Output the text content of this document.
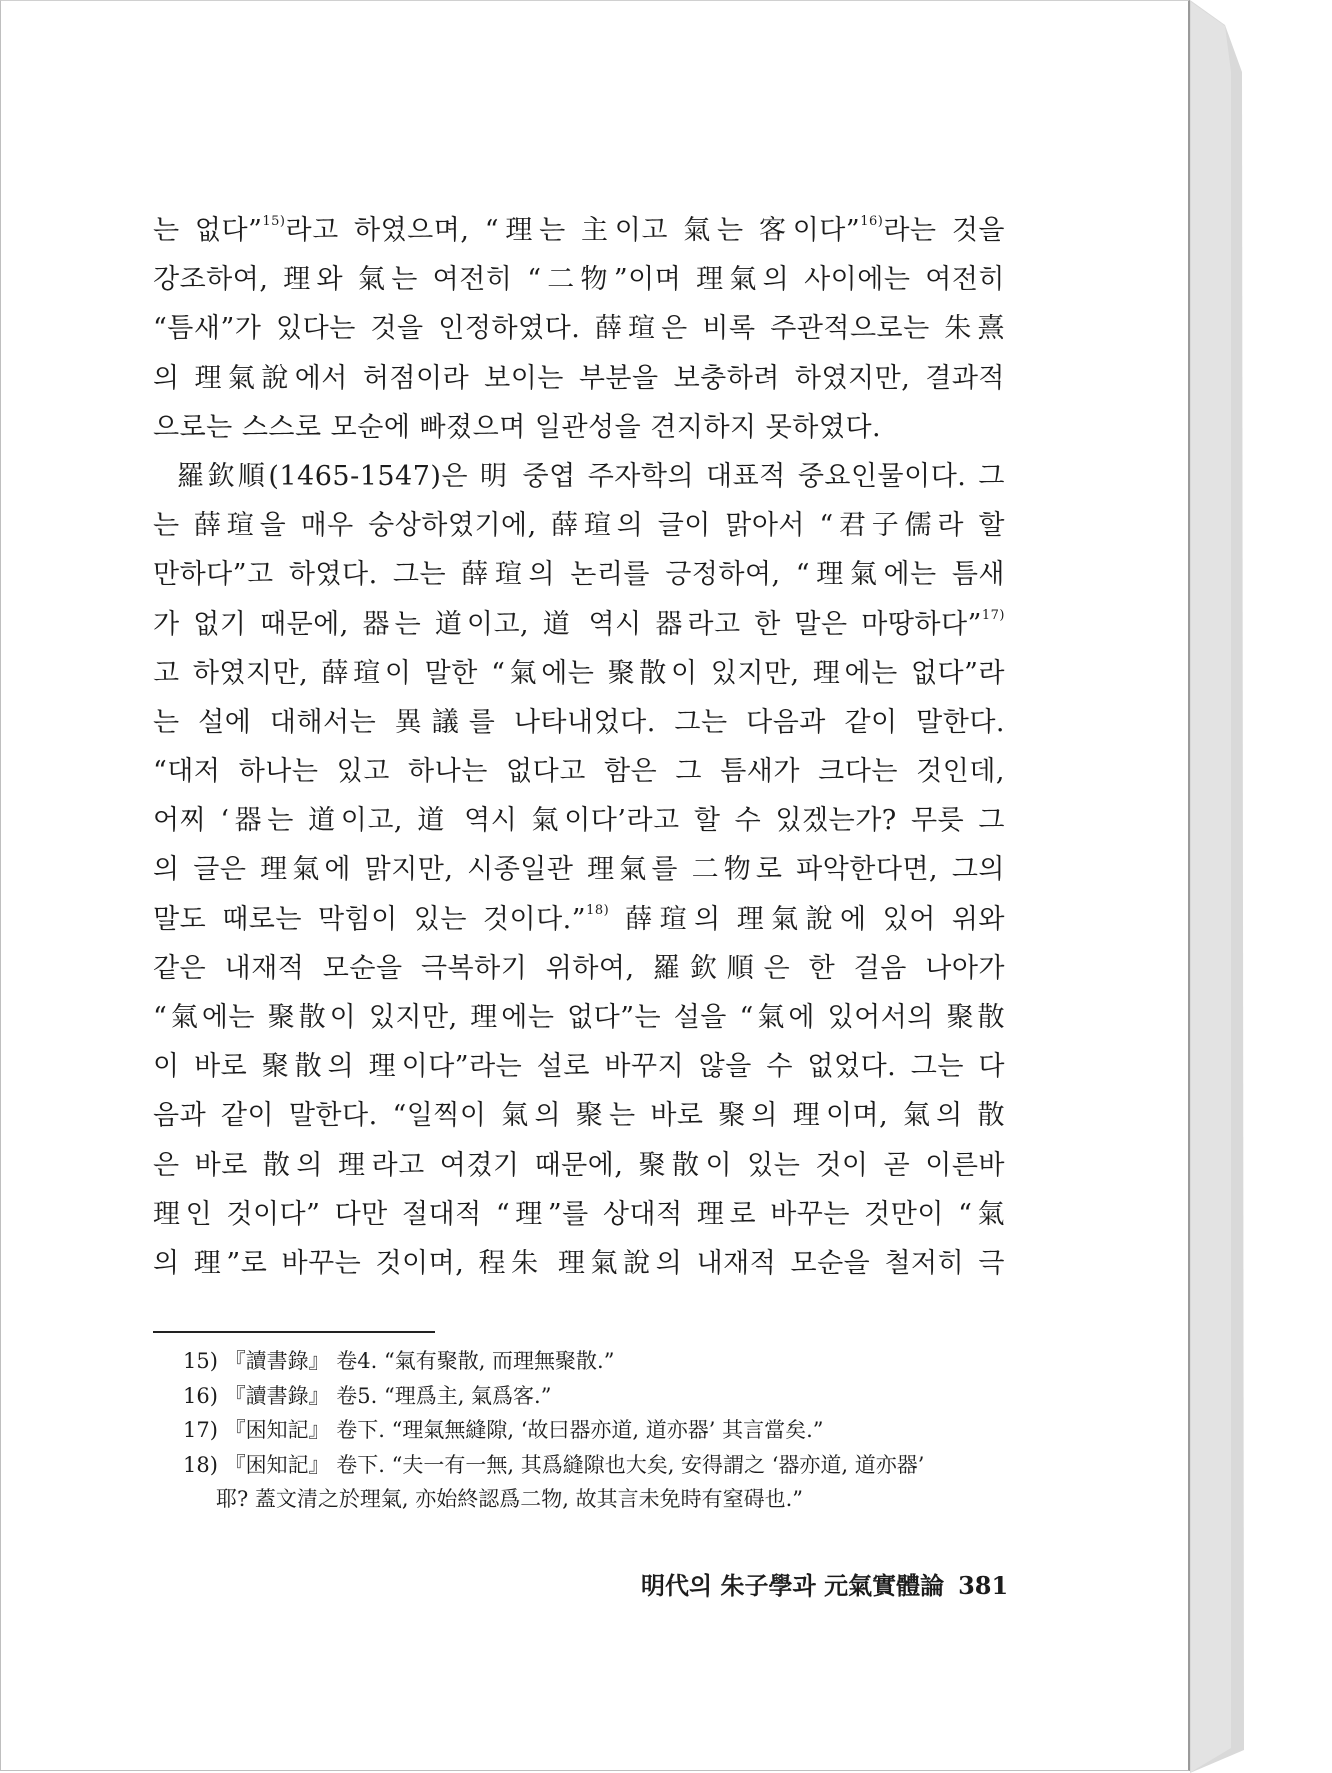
는 없다”$^{15)}$라고 하였으며, “理는 主이고 氣는 客이다”$^{16)}$라는 것을
강조하여, 理와 氣는 여전히 “二物”이며 理氣의 사이에는 여전히
“틈새”가 있다는 것을 인정하였다. 薛瑄은 비록 주관적으로는 朱熹
의 理氣說에서 허점이라 보이는 부분을 보충하려 하였지만, 결과적
으로는 스스로 모순에 빠졌으며 일관성을 견지하지 못하였다.
羅欽順(1465-1547)은 明 중엽 주자학의 대표적 중요인물이다. 그
는 薛瑄을 매우 숭상하였기에, 薛瑄의 글이 맑아서 “君子儒라 할
만하다”고 하였다. 그는 薛瑄의 논리를 긍정하여, “理氣에는 틈새
가 없기 때문에, 器는 道이고, 道 역시 器라고 한 말은 마땅하다”$^{17)}$
고 하였지만, 薛瑄이 말한 “氣에는 聚散이 있지만, 理에는 없다”라
는 설에 대해서는 異議를 나타내었다. 그는 다음과 같이 말한다.
“대저 하나는 있고 하나는 없다고 함은 그 틈새가 크다는 것인데,
어찌 ‘器는 道이고, 道 역시 氣이다’라고 할 수 있겠는가? 무릇 그
의 글은 理氣에 맑지만, 시종일관 理氣를 二物로 파악한다면, 그의
말도 때로는 막힘이 있는 것이다.”$^{18)}$ 薛瑄의 理氣說에 있어 위와
같은 내재적 모순을 극복하기 위하여, 羅欽順은 한 걸음 나아가
“氣에는 聚散이 있지만, 理에는 없다”는 설을 “氣에 있어서의 聚散
이 바로 聚散의 理이다”라는 설로 바꾸지 않을 수 없었다. 그는 다
음과 같이 말한다. “일찍이 氣의 聚는 바로 聚의 理이며, 氣의 散
은 바로 散의 理라고 여겼기 때문에, 聚散이 있는 것이 곧 이른바
理인 것이다” 다만 절대적 “理”를 상대적 理로 바꾸는 것만이 “氣
의 理”로 바꾸는 것이며, 程朱 理氣說의 내재적 모순을 철저히 극
15) 『讀書錄』 卷4. “氣有聚散, 而理無聚散.”
16) 『讀書錄』 卷5. “理爲主, 氣爲客.”
17) 『困知記』 卷下. “理氣無縫隙, ‘故曰器亦道, 道亦器’ 其言當矣.”
18) 『困知記』 卷下. “夫一有一無, 其爲縫隙也大矣, 安得謂之 ‘器亦道, 道亦器’
耶? 蓋文清之於理氣, 亦始終認爲二物, 故其言未免時有窒碍也.”
明代의 朱子學과 元氣實體論 381
